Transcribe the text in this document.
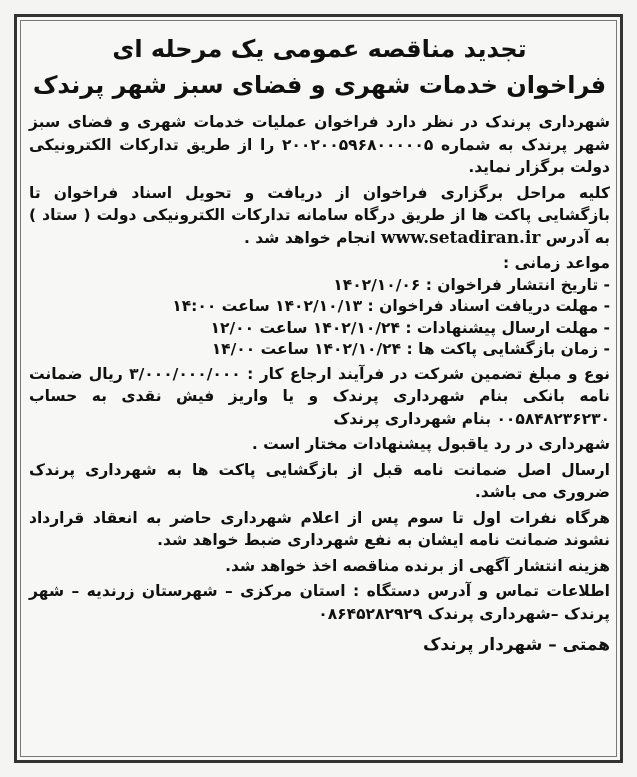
تجدید مناقصه عمومی یک مرحله ای

فراخوان خدمات شهری و فضای سبز شهر پرندک

شهرداری پرندک در نظر دارد فراخوان عملیات خدمات شهری و فضای سبز شهر پرندک به شماره ۲۰۰۲۰۰۵۹۶۸۰۰۰۰۰۵ را از طریق تدارکات الکترونیکی دولت برگزار نماید.

کلیه مراحل برگزاری فراخوان از دریافت و تحویل اسناد فراخوان تا بازگشایی پاکت ها از طریق درگاه سامانه تدارکات الکترونیکی دولت ( ستاد ) به آدرس www.setadiran.ir انجام خواهد شد .

مواعد زمانی :

- تاریخ انتشار فراخوان : ۱۴۰۲/۱۰/۰۶
- مهلت دریافت اسناد فراخوان : ۱۴۰۲/۱۰/۱۳ ساعت ۱۴:۰۰
- مهلت ارسال پیشنهادات : ۱۴۰۲/۱۰/۲۴ ساعت ۱۲/۰۰
- زمان بازگشایی پاکت ها : ۱۴۰۲/۱۰/۲۴ ساعت ۱۴/۰۰

نوع و مبلغ تضمین شرکت در فرآیند ارجاع کار : ۳/۰۰۰/۰۰۰/۰۰۰ ریال ضمانت نامه بانکی بنام شهرداری پرندک و یا واریز فیش نقدی به حساب ۰۰۵۸۴۸۲۳۶۲۳۰ بنام شهرداری پرندک

شهرداری در رد یاقبول پیشنهادات مختار است .

ارسال اصل ضمانت نامه قبل از بازگشایی پاکت ها به شهرداری پرندک ضروری می باشد.

هرگاه نفرات اول تا سوم پس از اعلام شهرداری حاضر به انعقاد قرارداد نشوند ضمانت نامه ایشان به نفع شهرداری ضبط خواهد شد.

هزینه انتشار آگهی از برنده مناقصه اخذ خواهد شد.

اطلاعات تماس و آدرس دستگاه : استان مرکزی – شهرستان زرندیه – شهر پرندک –شهرداری پرندک ۰۸۶۴۵۲۸۲۹۲۹

همتی – شهردار پرندک
